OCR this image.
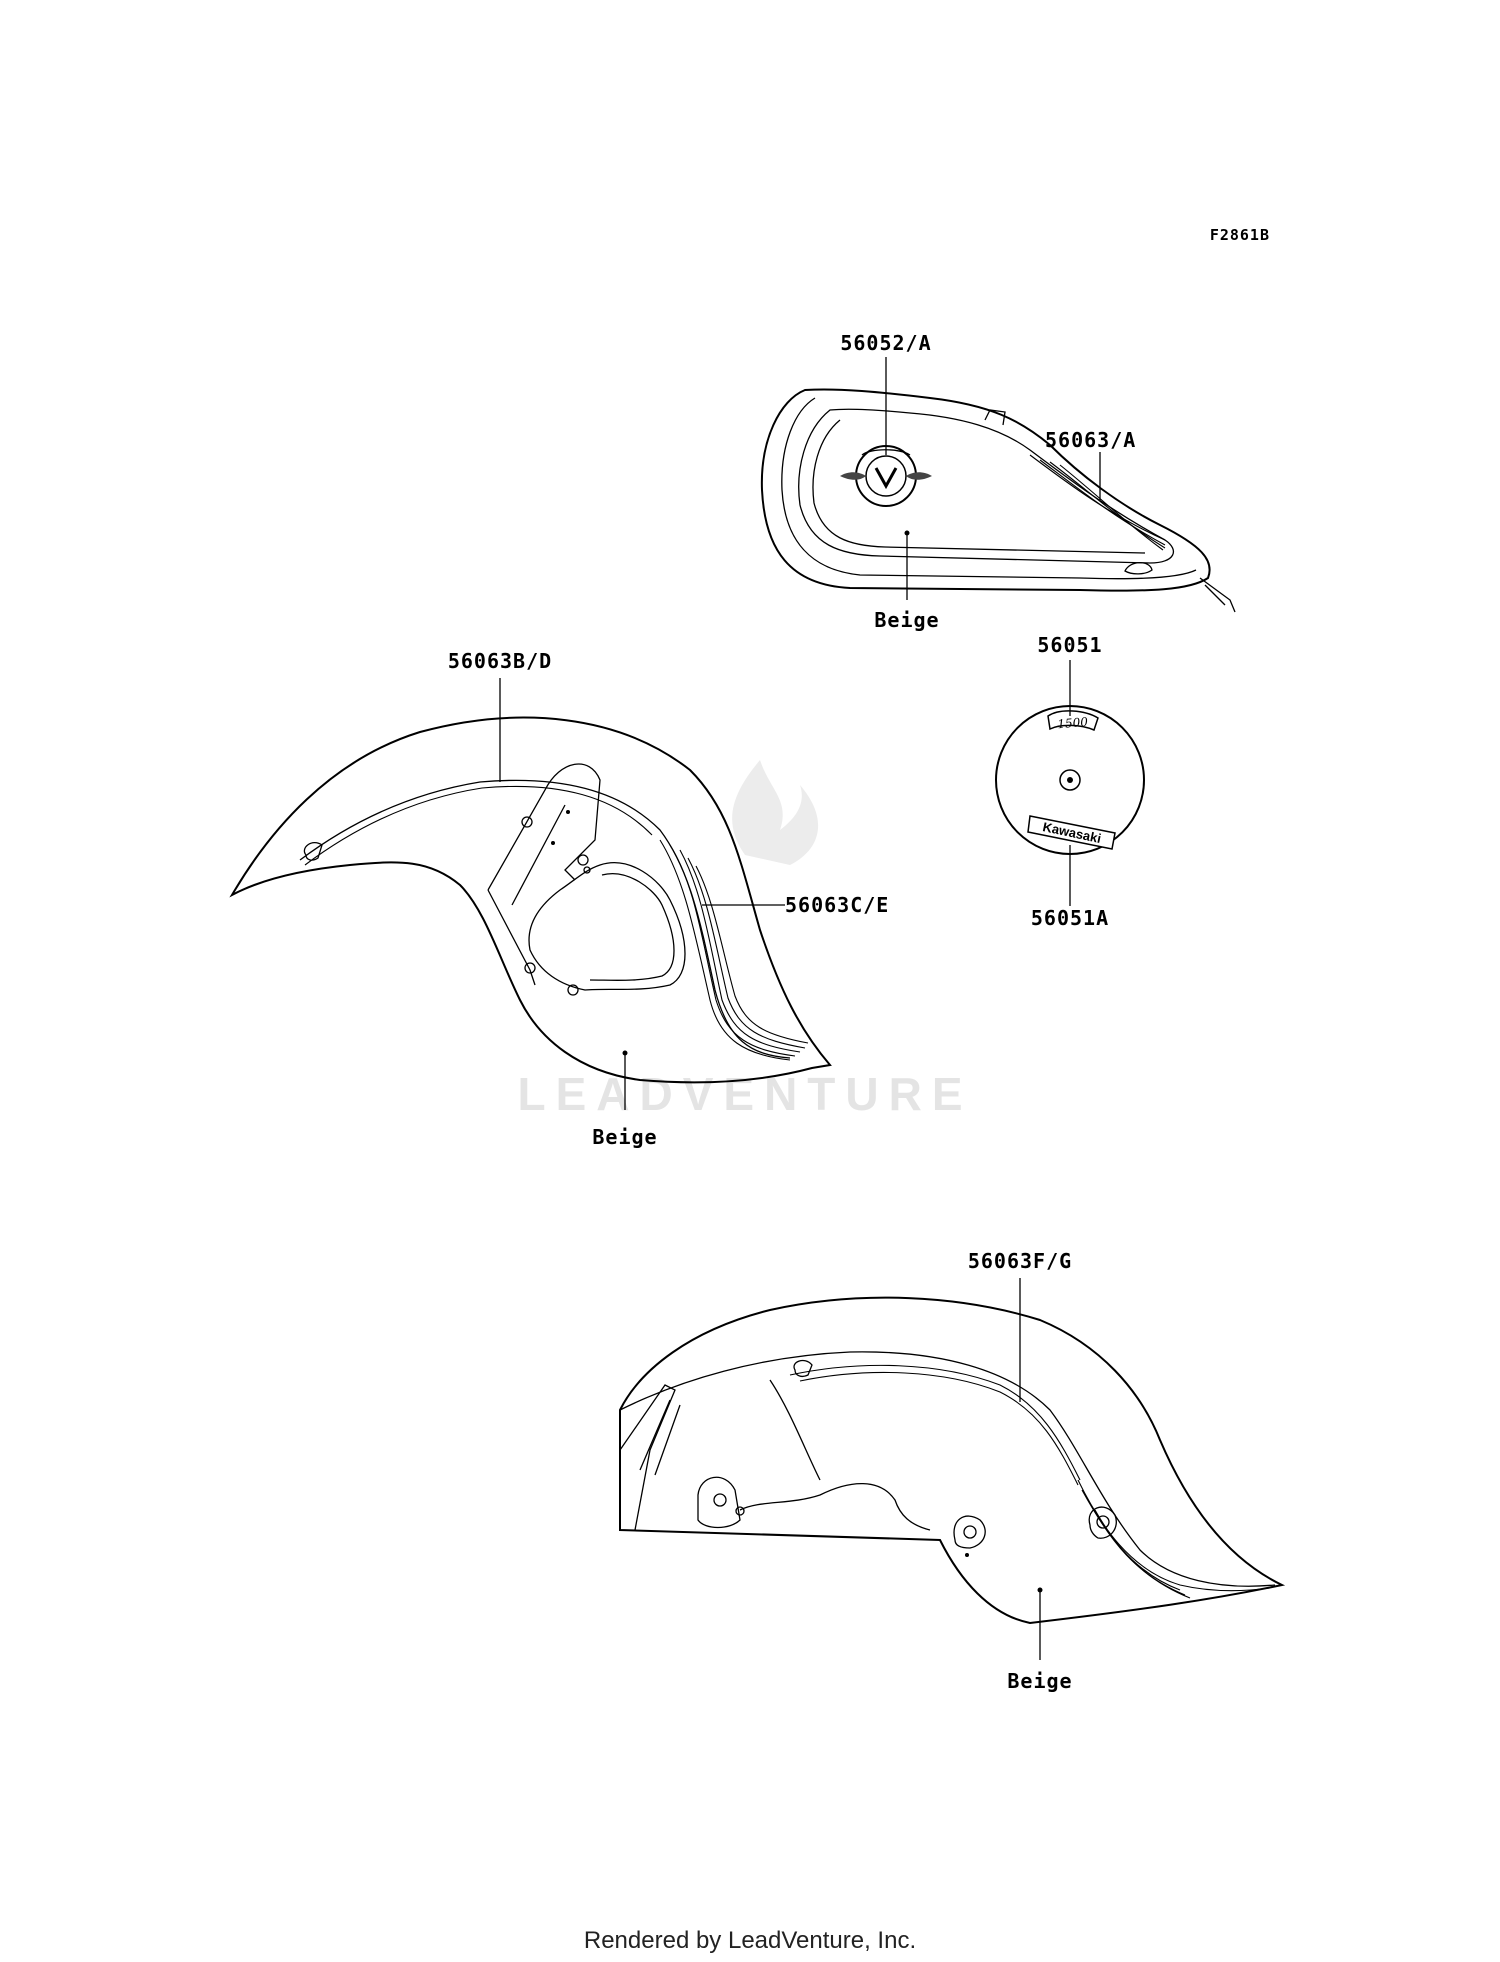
LEADVENTURE
F2861B
56052/A
56063/A
Beige
1500
Kawasaki
56051
56051A
56063B/D
56063C/E
Beige
56063F/G
Beige
Rendered by LeadVenture, Inc.
